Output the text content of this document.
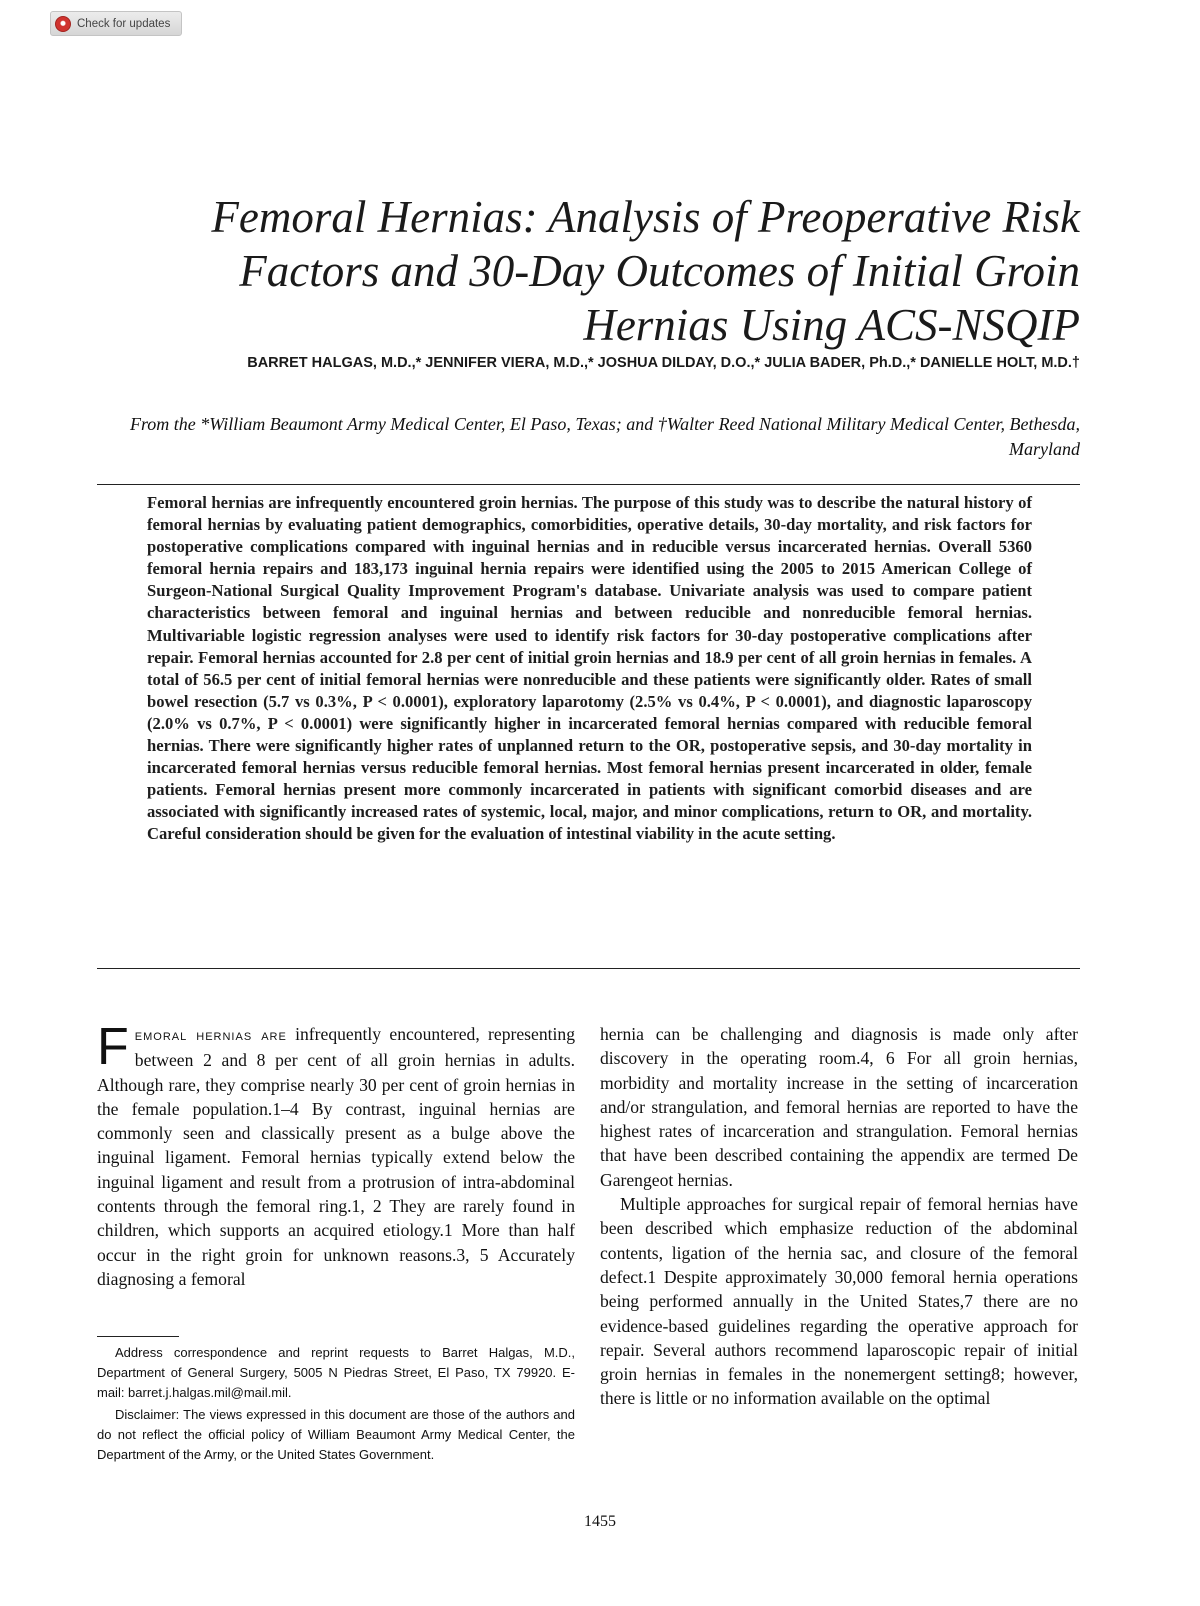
Check for updates
Femoral Hernias: Analysis of Preoperative Risk Factors and 30-Day Outcomes of Initial Groin Hernias Using ACS-NSQIP

BARRET HALGAS, M.D.,* JENNIFER VIERA, M.D.,* JOSHUA DILDAY, D.O.,* JULIA BADER, Ph.D.,* DANIELLE HOLT, M.D.†

From the *William Beaumont Army Medical Center, El Paso, Texas; and †Walter Reed National Military Medical Center, Bethesda, Maryland

Femoral hernias are infrequently encountered groin hernias. The purpose of this study was to describe the natural history of femoral hernias by evaluating patient demographics, comorbidities, operative details, 30-day mortality, and risk factors for postoperative complications compared with inguinal hernias and in reducible versus incarcerated hernias. Overall 5360 femoral hernia repairs and 183,173 inguinal hernia repairs were identified using the 2005 to 2015 American College of Surgeon-National Surgical Quality Improvement Program's database. Univariate analysis was used to compare patient characteristics between femoral and inguinal hernias and between reducible and nonreducible femoral hernias. Multivariable logistic regression analyses were used to identify risk factors for 30-day postoperative complications after repair. Femoral hernias accounted for 2.8 per cent of initial groin hernias and 18.9 per cent of all groin hernias in females. A total of 56.5 per cent of initial femoral hernias were nonreducible and these patients were significantly older. Rates of small bowel resection (5.7 vs 0.3%, P < 0.0001), exploratory laparotomy (2.5% vs 0.4%, P < 0.0001), and diagnostic laparoscopy (2.0% vs 0.7%, P < 0.0001) were significantly higher in incarcerated femoral hernias compared with reducible femoral hernias. There were significantly higher rates of unplanned return to the OR, postoperative sepsis, and 30-day mortality in incarcerated femoral hernias versus reducible femoral hernias. Most femoral hernias present incarcerated in older, female patients. Femoral hernias present more commonly incarcerated in patients with significant comorbid diseases and are associated with significantly increased rates of systemic, local, major, and minor complications, return to OR, and mortality. Careful consideration should be given for the evaluation of intestinal viability in the acute setting.

Femoral hernias are infrequently encountered, representing between 2 and 8 per cent of all groin hernias in adults. Although rare, they comprise nearly 30 per cent of groin hernias in the female population.1–4 By contrast, inguinal hernias are commonly seen and classically present as a bulge above the inguinal ligament. Femoral hernias typically extend below the inguinal ligament and result from a protrusion of intra-abdominal contents through the femoral ring.1, 2 They are rarely found in children, which supports an acquired etiology.1 More than half occur in the right groin for unknown reasons.3, 5 Accurately diagnosing a femoral

hernia can be challenging and diagnosis is made only after discovery in the operating room.4, 6 For all groin hernias, morbidity and mortality increase in the setting of incarceration and/or strangulation, and femoral hernias are reported to have the highest rates of incarceration and strangulation. Femoral hernias that have been described containing the appendix are termed De Garengeot hernias.

Multiple approaches for surgical repair of femoral hernias have been described which emphasize reduction of the abdominal contents, ligation of the hernia sac, and closure of the femoral defect.1 Despite approximately 30,000 femoral hernia operations being performed annually in the United States,7 there are no evidence-based guidelines regarding the operative approach for repair. Several authors recommend laparoscopic repair of initial groin hernias in females in the nonemergent setting8; however, there is little or no information available on the optimal

Address correspondence and reprint requests to Barret Halgas, M.D., Department of General Surgery, 5005 N Piedras Street, El Paso, TX 79920. E-mail: barret.j.halgas.mil@mail.mil.

Disclaimer: The views expressed in this document are those of the authors and do not reflect the official policy of William Beaumont Army Medical Center, the Department of the Army, or the United States Government.

1455
